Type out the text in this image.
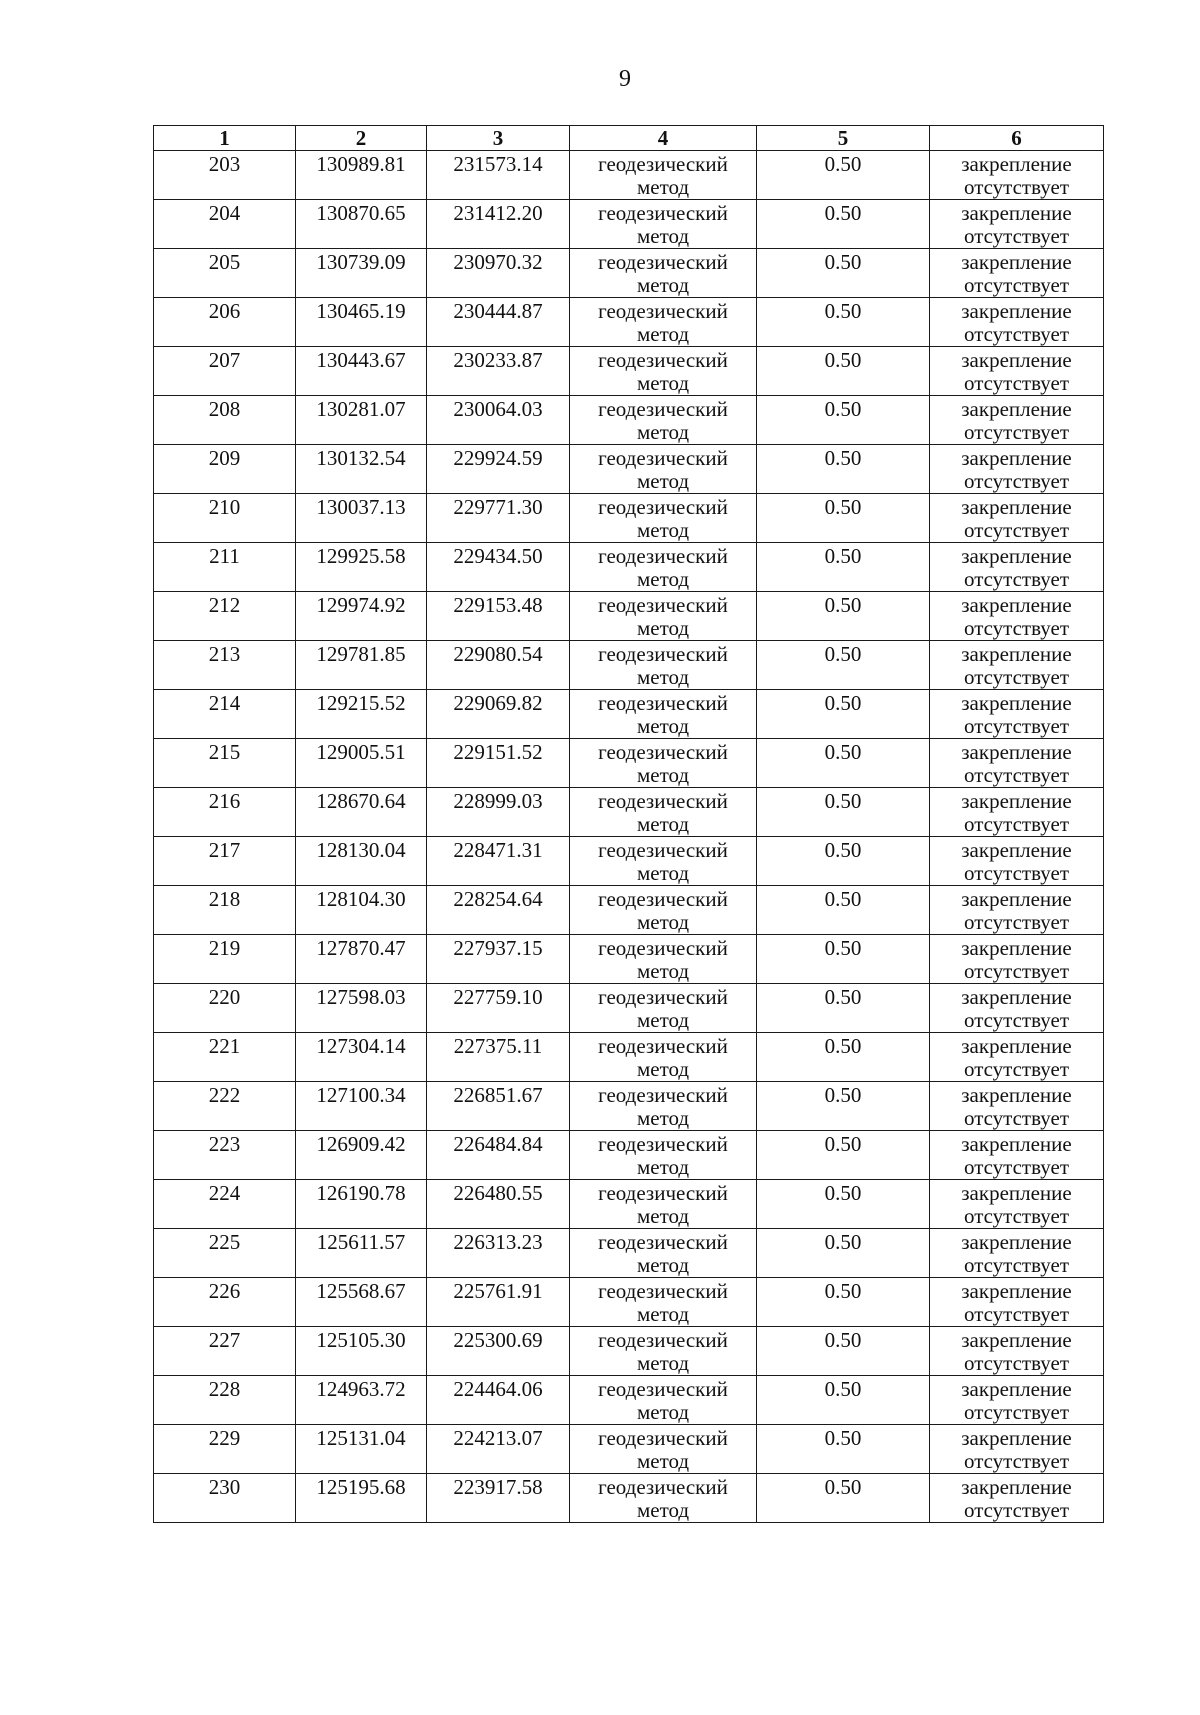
9
1	2	3	4	5	6
203	130989.81	231573.14	геодезический метод	0.50	закрепление отсутствует
204	130870.65	231412.20	геодезический метод	0.50	закрепление отсутствует
205	130739.09	230970.32	геодезический метод	0.50	закрепление отсутствует
206	130465.19	230444.87	геодезический метод	0.50	закрепление отсутствует
207	130443.67	230233.87	геодезический метод	0.50	закрепление отсутствует
208	130281.07	230064.03	геодезический метод	0.50	закрепление отсутствует
209	130132.54	229924.59	геодезический метод	0.50	закрепление отсутствует
210	130037.13	229771.30	геодезический метод	0.50	закрепление отсутствует
211	129925.58	229434.50	геодезический метод	0.50	закрепление отсутствует
212	129974.92	229153.48	геодезический метод	0.50	закрепление отсутствует
213	129781.85	229080.54	геодезический метод	0.50	закрепление отсутствует
214	129215.52	229069.82	геодезический метод	0.50	закрепление отсутствует
215	129005.51	229151.52	геодезический метод	0.50	закрепление отсутствует
216	128670.64	228999.03	геодезический метод	0.50	закрепление отсутствует
217	128130.04	228471.31	геодезический метод	0.50	закрепление отсутствует
218	128104.30	228254.64	геодезический метод	0.50	закрепление отсутствует
219	127870.47	227937.15	геодезический метод	0.50	закрепление отсутствует
220	127598.03	227759.10	геодезический метод	0.50	закрепление отсутствует
221	127304.14	227375.11	геодезический метод	0.50	закрепление отсутствует
222	127100.34	226851.67	геодезический метод	0.50	закрепление отсутствует
223	126909.42	226484.84	геодезический метод	0.50	закрепление отсутствует
224	126190.78	226480.55	геодезический метод	0.50	закрепление отсутствует
225	125611.57	226313.23	геодезический метод	0.50	закрепление отсутствует
226	125568.67	225761.91	геодезический метод	0.50	закрепление отсутствует
227	125105.30	225300.69	геодезический метод	0.50	закрепление отсутствует
228	124963.72	224464.06	геодезический метод	0.50	закрепление отсутствует
229	125131.04	224213.07	геодезический метод	0.50	закрепление отсутствует
230	125195.68	223917.58	геодезический метод	0.50	закрепление отсутствует
